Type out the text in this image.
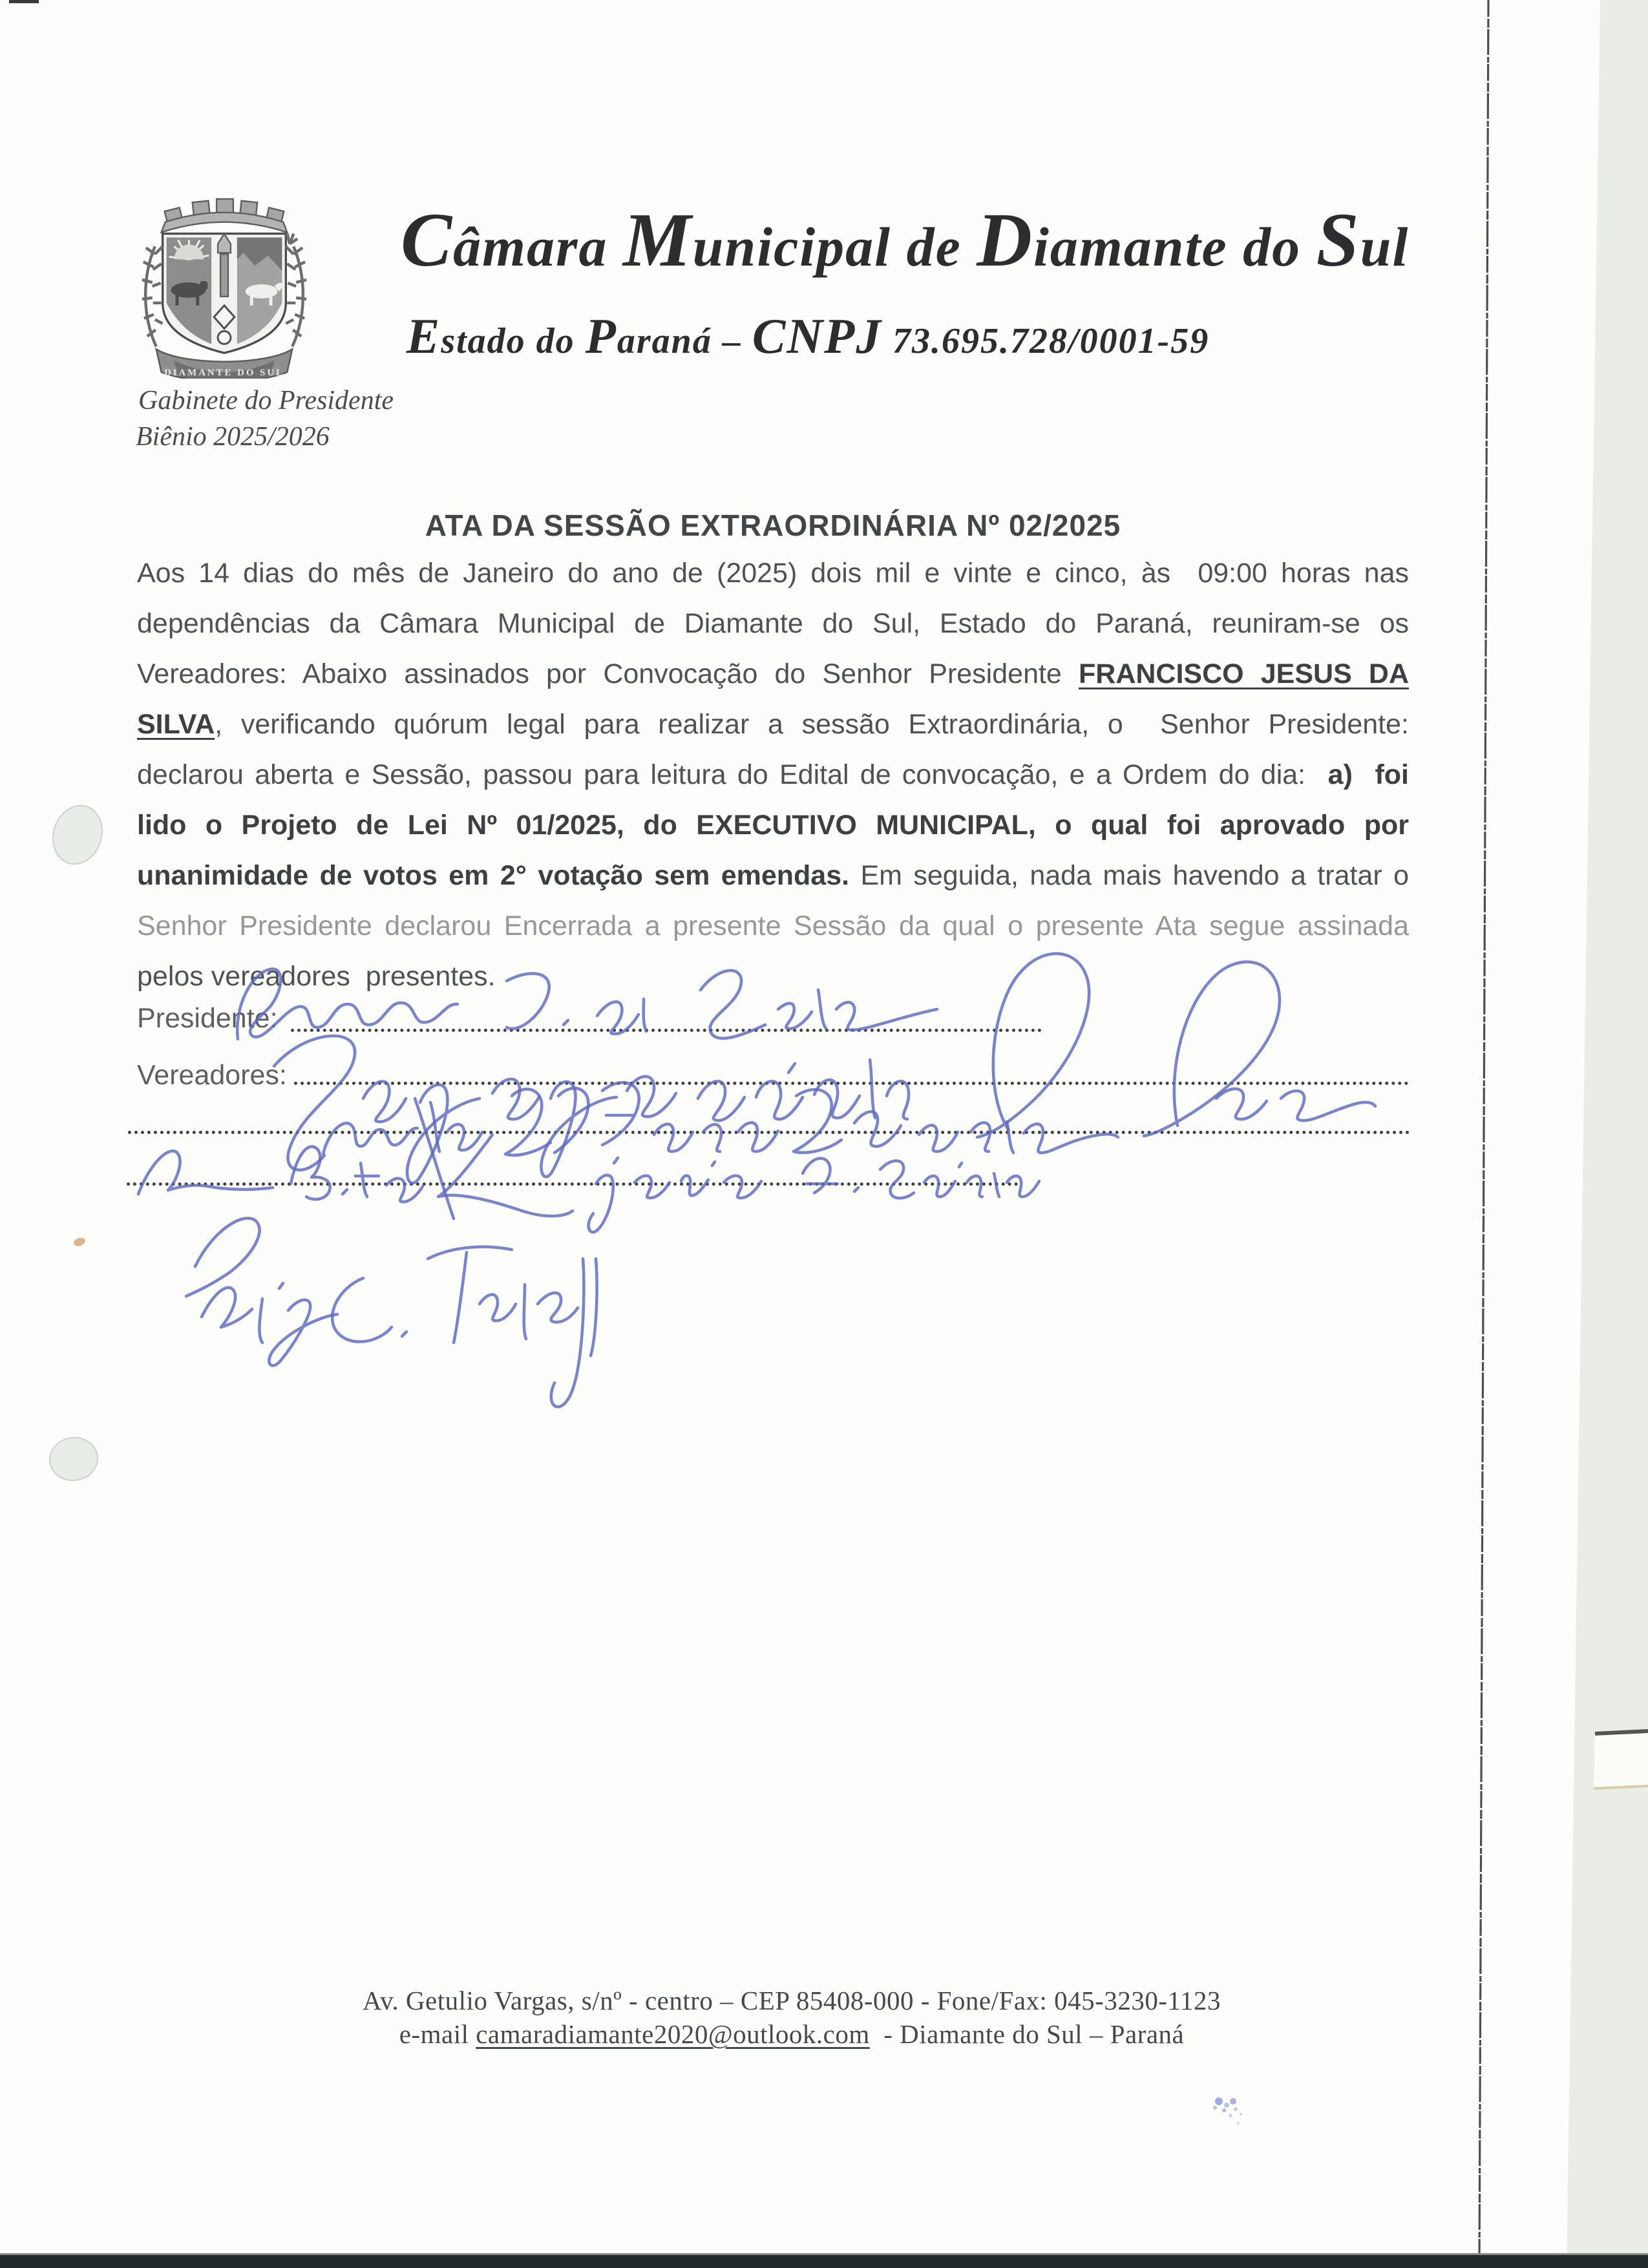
DIAMANTE DO SUL
Câmara Municipal de Diamante do Sul
Estado do Paraná – CNPJ 73.695.728/0001-59
Gabinete do Presidente
Biênio 2025/2026
ATA DA SESSÃO EXTRAORDINÁRIA Nº 02/2025
Aos 14 dias do mês de Janeiro do ano de (2025) dois mil e vinte e cinco, às  09:00 horas nas
dependências da Câmara Municipal de Diamante do Sul, Estado do Paraná, reuniram-se os
Vereadores: Abaixo assinados por Convocação do Senhor Presidente FRANCISCO JESUS DA
SILVA, verificando quórum legal para realizar a sessão Extraordinária, o  Senhor Presidente:
declarou aberta e Sessão, passou para leitura do Edital de convocação, e a Ordem do dia:  a)  foi
lido o Projeto de Lei Nº 01/2025, do EXECUTIVO MUNICIPAL, o qual foi aprovado por
unanimidade de votos em 2° votação sem emendas. Em seguida, nada mais havendo a tratar o
Senhor Presidente declarou Encerrada a presente Sessão da qual o presente Ata segue assinada
pelos vereadores  presentes.
Presidente:
Vereadores:
Av. Getulio Vargas, s/nº - centro – CEP 85408-000 - Fone/Fax: 045-3230-1123
e-mail camaradiamante2020@outlook.com  - Diamante do Sul – Paraná
